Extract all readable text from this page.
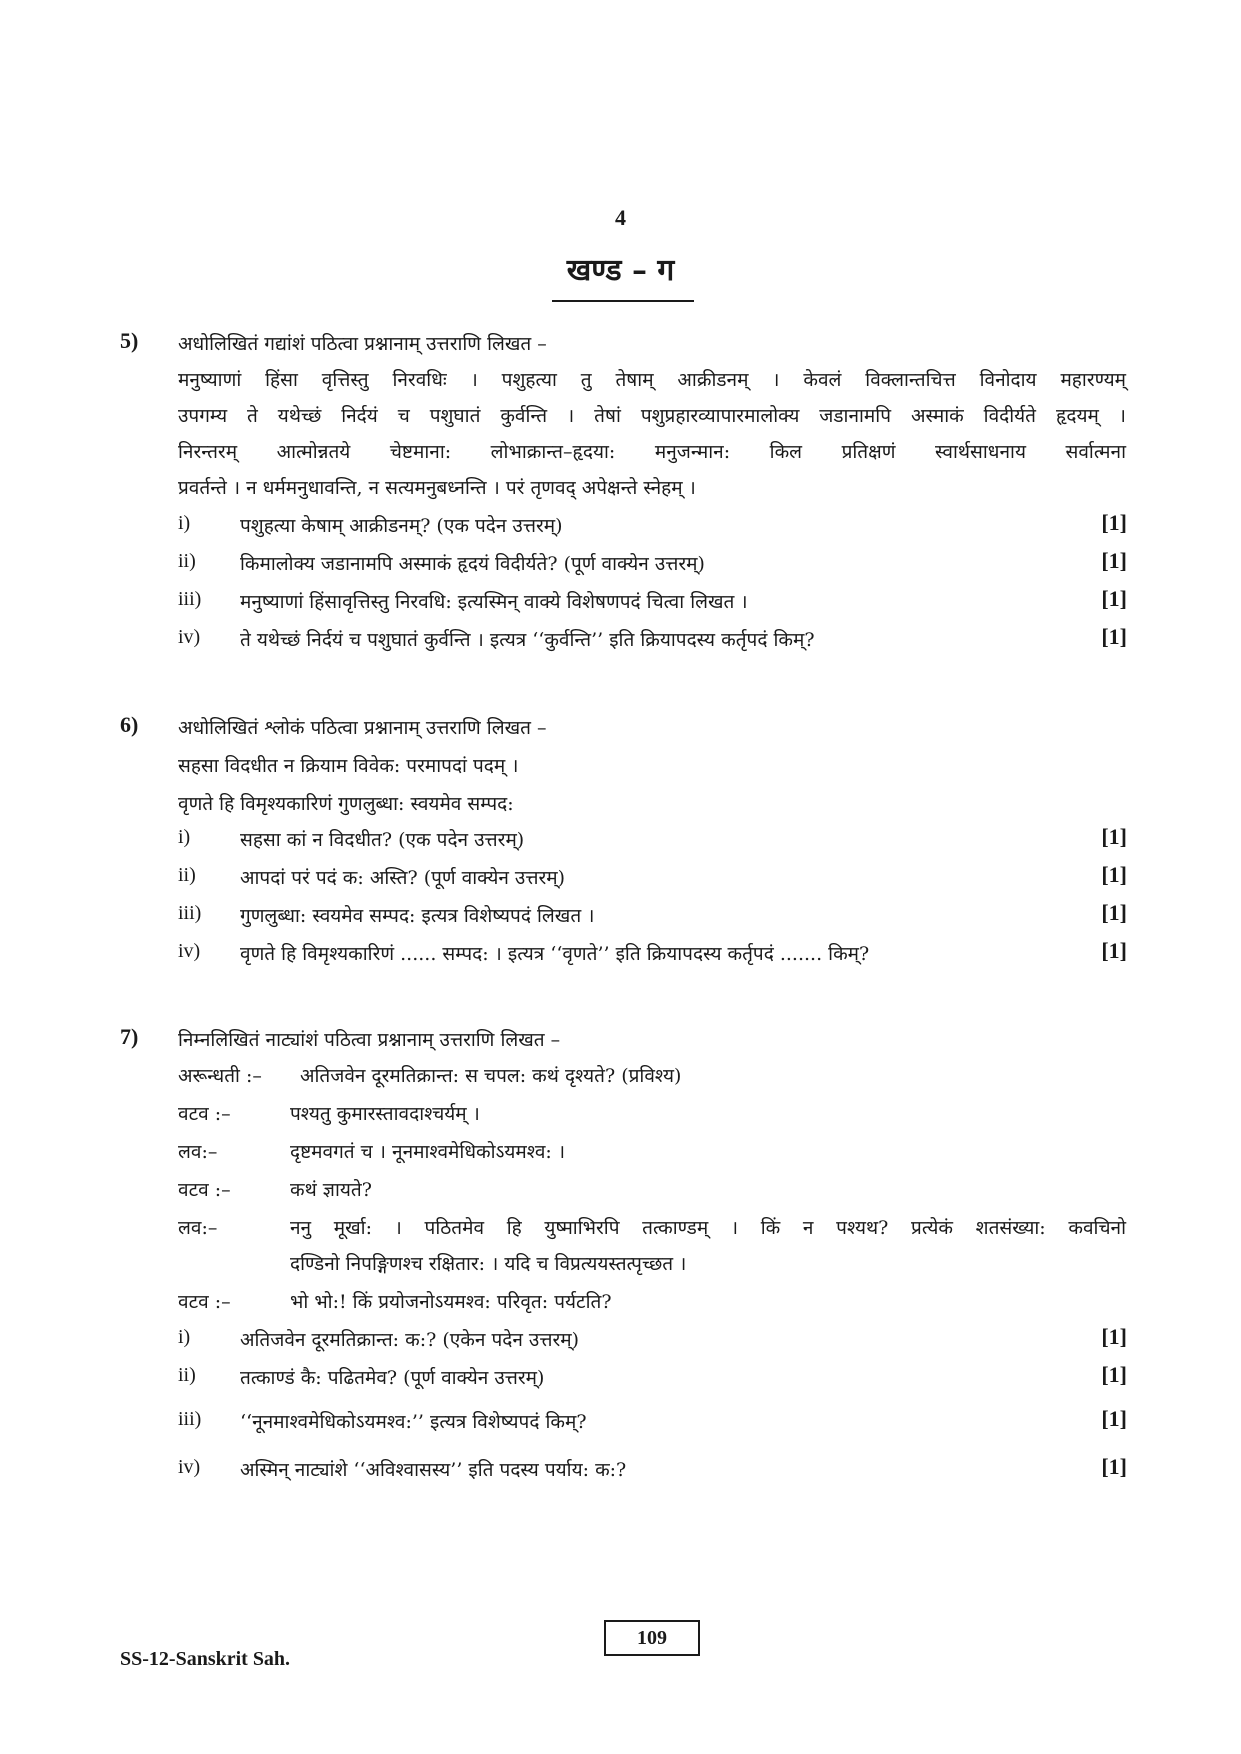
4
खण्ड – ग
5) अधोलिखितं गद्यांशं पठित्वा प्रश्नानाम् उत्तराणि लिखत –
मनुष्याणां हिंसा वृत्तिस्तु निरवधिः । पशुहत्या तु तेषाम् आक्रीडनम् । केवलं विक्लान्तचित्त विनोदाय महारण्यम्
उपगम्य ते यथेच्छं निर्दयं च पशुघातं कुर्वन्ति । तेषां पशुप्रहारव्यापारमालोक्य जडानामपि अस्माकं विदीर्यते हृदयम् ।
निरन्तरम् आत्मोन्नतये चेष्टमाना: लोभाक्रान्त–हृदया: मनुजन्मान: किल प्रतिक्षणं स्वार्थसाधनाय सर्वात्मना
प्रवर्तन्ते । न धर्ममनुधावन्ति, न सत्यमनुबध्नन्ति । परं तृणवद् अपेक्षन्ते स्नेहम् ।
i)	पशुहत्या केषाम् आक्रीडनम्? (एक पदेन उत्तरम्)	[1]
ii) किमालोक्य जडानामपि अस्माकं हृदयं विदीर्यते? (पूर्ण वाक्येन उत्तरम्)	[1]
iii) मनुष्याणां हिंसावृत्तिस्तु निरवधि: इत्यस्मिन् वाक्ये विशेषणपदं चित्वा लिखत ।	[1]
iv) ते यथेच्छं निर्दयं च पशुघातं कुर्वन्ति । इत्यत्र ‘‘कुर्वन्ति’’ इति क्रियापदस्य कर्तृपदं किम्?	[1]
6) अधोलिखितं श्लोकं पठित्वा प्रश्नानाम् उत्तराणि लिखत –
सहसा विदधीत न क्रियाम विवेक: परमापदां पदम् ।
वृणते हि विमृश्यकारिणं गुणलुब्धा: स्वयमेव सम्पद:
i)	सहसा कां न विदधीत? (एक पदेन उत्तरम्)	[1]
ii) आपदां परं पदं क: अस्ति? (पूर्ण वाक्येन उत्तरम्)	[1]
iii) गुणलुब्धा: स्वयमेव सम्पद: इत्यत्र विशेष्यपदं लिखत ।	[1]
iv) वृणते हि विमृश्यकारिणं ...... सम्पद: । इत्यत्र ‘‘वृणते’’ इति क्रियापदस्य कर्तृपदं ....... किम्?	[1]
7) निम्नलिखितं नाट्यांशं पठित्वा प्रश्नानाम् उत्तराणि लिखत –
अरून्धती :– अतिजवेन दूरमतिक्रान्त: स चपल: कथं दृश्यते? (प्रविश्य)
वटव :–	पश्यतु कुमारस्तावदाश्चर्यम् ।
लव:–	दृष्टमवगतं च । नूनमाश्वमेधिकोऽयमश्व: ।
वटव :–	कथं ज्ञायते?
लव:–	ननु मूर्खा: । पठितमेव हि युष्माभिरपि तत्काण्डम् । किं न पश्यथ? प्रत्येकं शतसंख्या: कवचिनो
दण्डिनो निपङ्गिणश्च रक्षितार: । यदि च विप्रत्ययस्तत्पृच्छत ।
वटव :–	भो भो:! किं प्रयोजनोऽयमश्व: परिवृत: पर्यटति?
i)	अतिजवेन दूरमतिक्रान्त: क:? (एकेन पदेन उत्तरम्)	[1]
ii) तत्काण्डं कै: पढितमेव? (पूर्ण वाक्येन उत्तरम्)	[1]
iii) ‘‘नूनमाश्वमेधिकोऽयमश्व:’’ इत्यत्र विशेष्यपदं किम्?	[1]
iv) अस्मिन् नाट्यांशे ‘‘अविश्वासस्य’’ इति पदस्य पर्याय: क:?	[1]
SS-12-Sanskrit Sah.
109
